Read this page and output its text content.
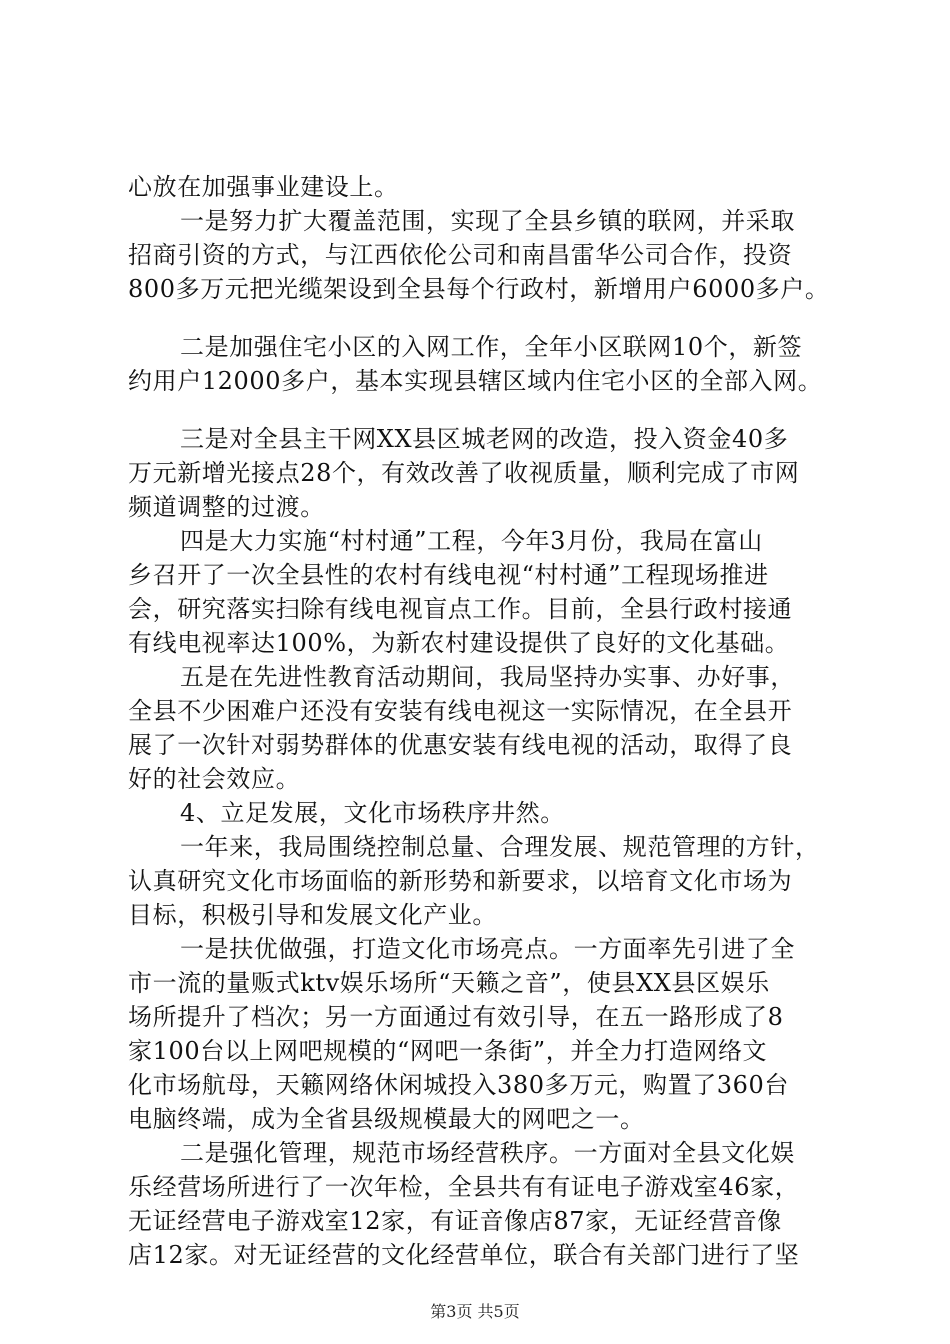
心放在加强事业建设上。
一是努力扩大覆盖范围，实现了全县乡镇的联网，并采取
招商引资的方式，与江西依伦公司和南昌雷华公司合作，投资
800多万元把光缆架设到全县每个行政村，新增用户6000多户。
二是加强住宅小区的入网工作，全年小区联网10个，新签
约用户12000多户，基本实现县辖区域内住宅小区的全部入网。
三是对全县主干网XX县区城老网的改造，投入资金40多
万元新增光接点28个，有效改善了收视质量，顺利完成了市网
频道调整的过渡。
四是大力实施“村村通”工程，今年3月份，我局在富山
乡召开了一次全县性的农村有线电视“村村通”工程现场推进
会，研究落实扫除有线电视盲点工作。目前，全县行政村接通
有线电视率达100%，为新农村建设提供了良好的文化基础。
五是在先进性教育活动期间，我局坚持办实事、办好事，
全县不少困难户还没有安装有线电视这一实际情况，在全县开
展了一次针对弱势群体的优惠安装有线电视的活动，取得了良
好的社会效应。
4、立足发展，文化市场秩序井然。
一年来，我局围绕控制总量、合理发展、规范管理的方针，
认真研究文化市场面临的新形势和新要求，以培育文化市场为
目标，积极引导和发展文化产业。
一是扶优做强，打造文化市场亮点。一方面率先引进了全
市一流的量贩式ktv娱乐场所“天籁之音”，使县XX县区娱乐
场所提升了档次；另一方面通过有效引导，在五一路形成了8
家100台以上网吧规模的“网吧一条街”，并全力打造网络文
化市场航母，天籁网络休闲城投入380多万元，购置了360台
电脑终端，成为全省县级规模最大的网吧之一。
二是强化管理，规范市场经营秩序。一方面对全县文化娱
乐经营场所进行了一次年检，全县共有有证电子游戏室46家，
无证经营电子游戏室12家，有证音像店87家，无证经营音像
店12家。对无证经营的文化经营单位，联合有关部门进行了坚
第3页 共5页
